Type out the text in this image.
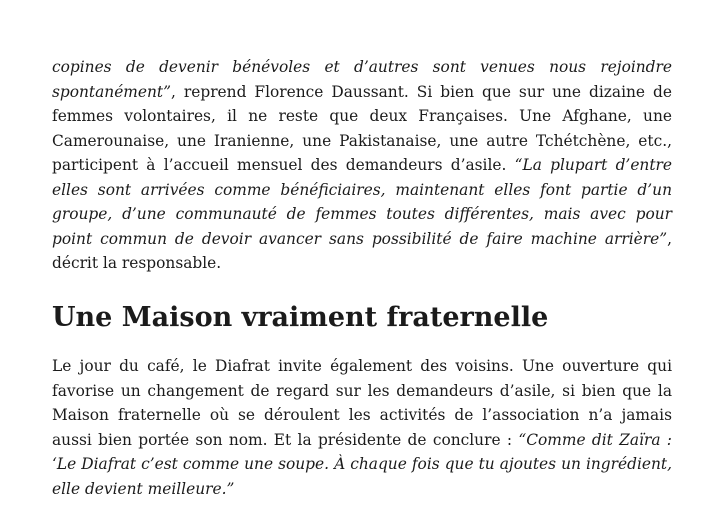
copines de devenir bénévoles et d’autres sont venues nous rejoindre spontanément”, reprend Florence Daussant. Si bien que sur une dizaine de femmes volontaires, il ne reste que deux Françaises. Une Afghane, une Camerounaise, une Iranienne, une Pakistanaise, une autre Tchétchène, etc., participent à l’accueil mensuel des demandeurs d’asile. “La plupart d’entre elles sont arrivées comme bénéficiaires, maintenant elles font partie d’un groupe, d’une communauté de femmes toutes différentes, mais avec pour point commun de devoir avancer sans possibilité de faire machine arrière”, décrit la responsable.

Une Maison vraiment fraternelle

Le jour du café, le Diafrat invite également des voisins. Une ouverture qui favorise un changement de regard sur les demandeurs d’asile, si bien que la Maison fraternelle où se déroulent les activités de l’association n’a jamais aussi bien portée son nom. Et la présidente de conclure : “Comme dit Zaïra : ‘Le Diafrat c’est comme une soupe. À chaque fois que tu ajoutes un ingrédient, elle devient meilleure.”
